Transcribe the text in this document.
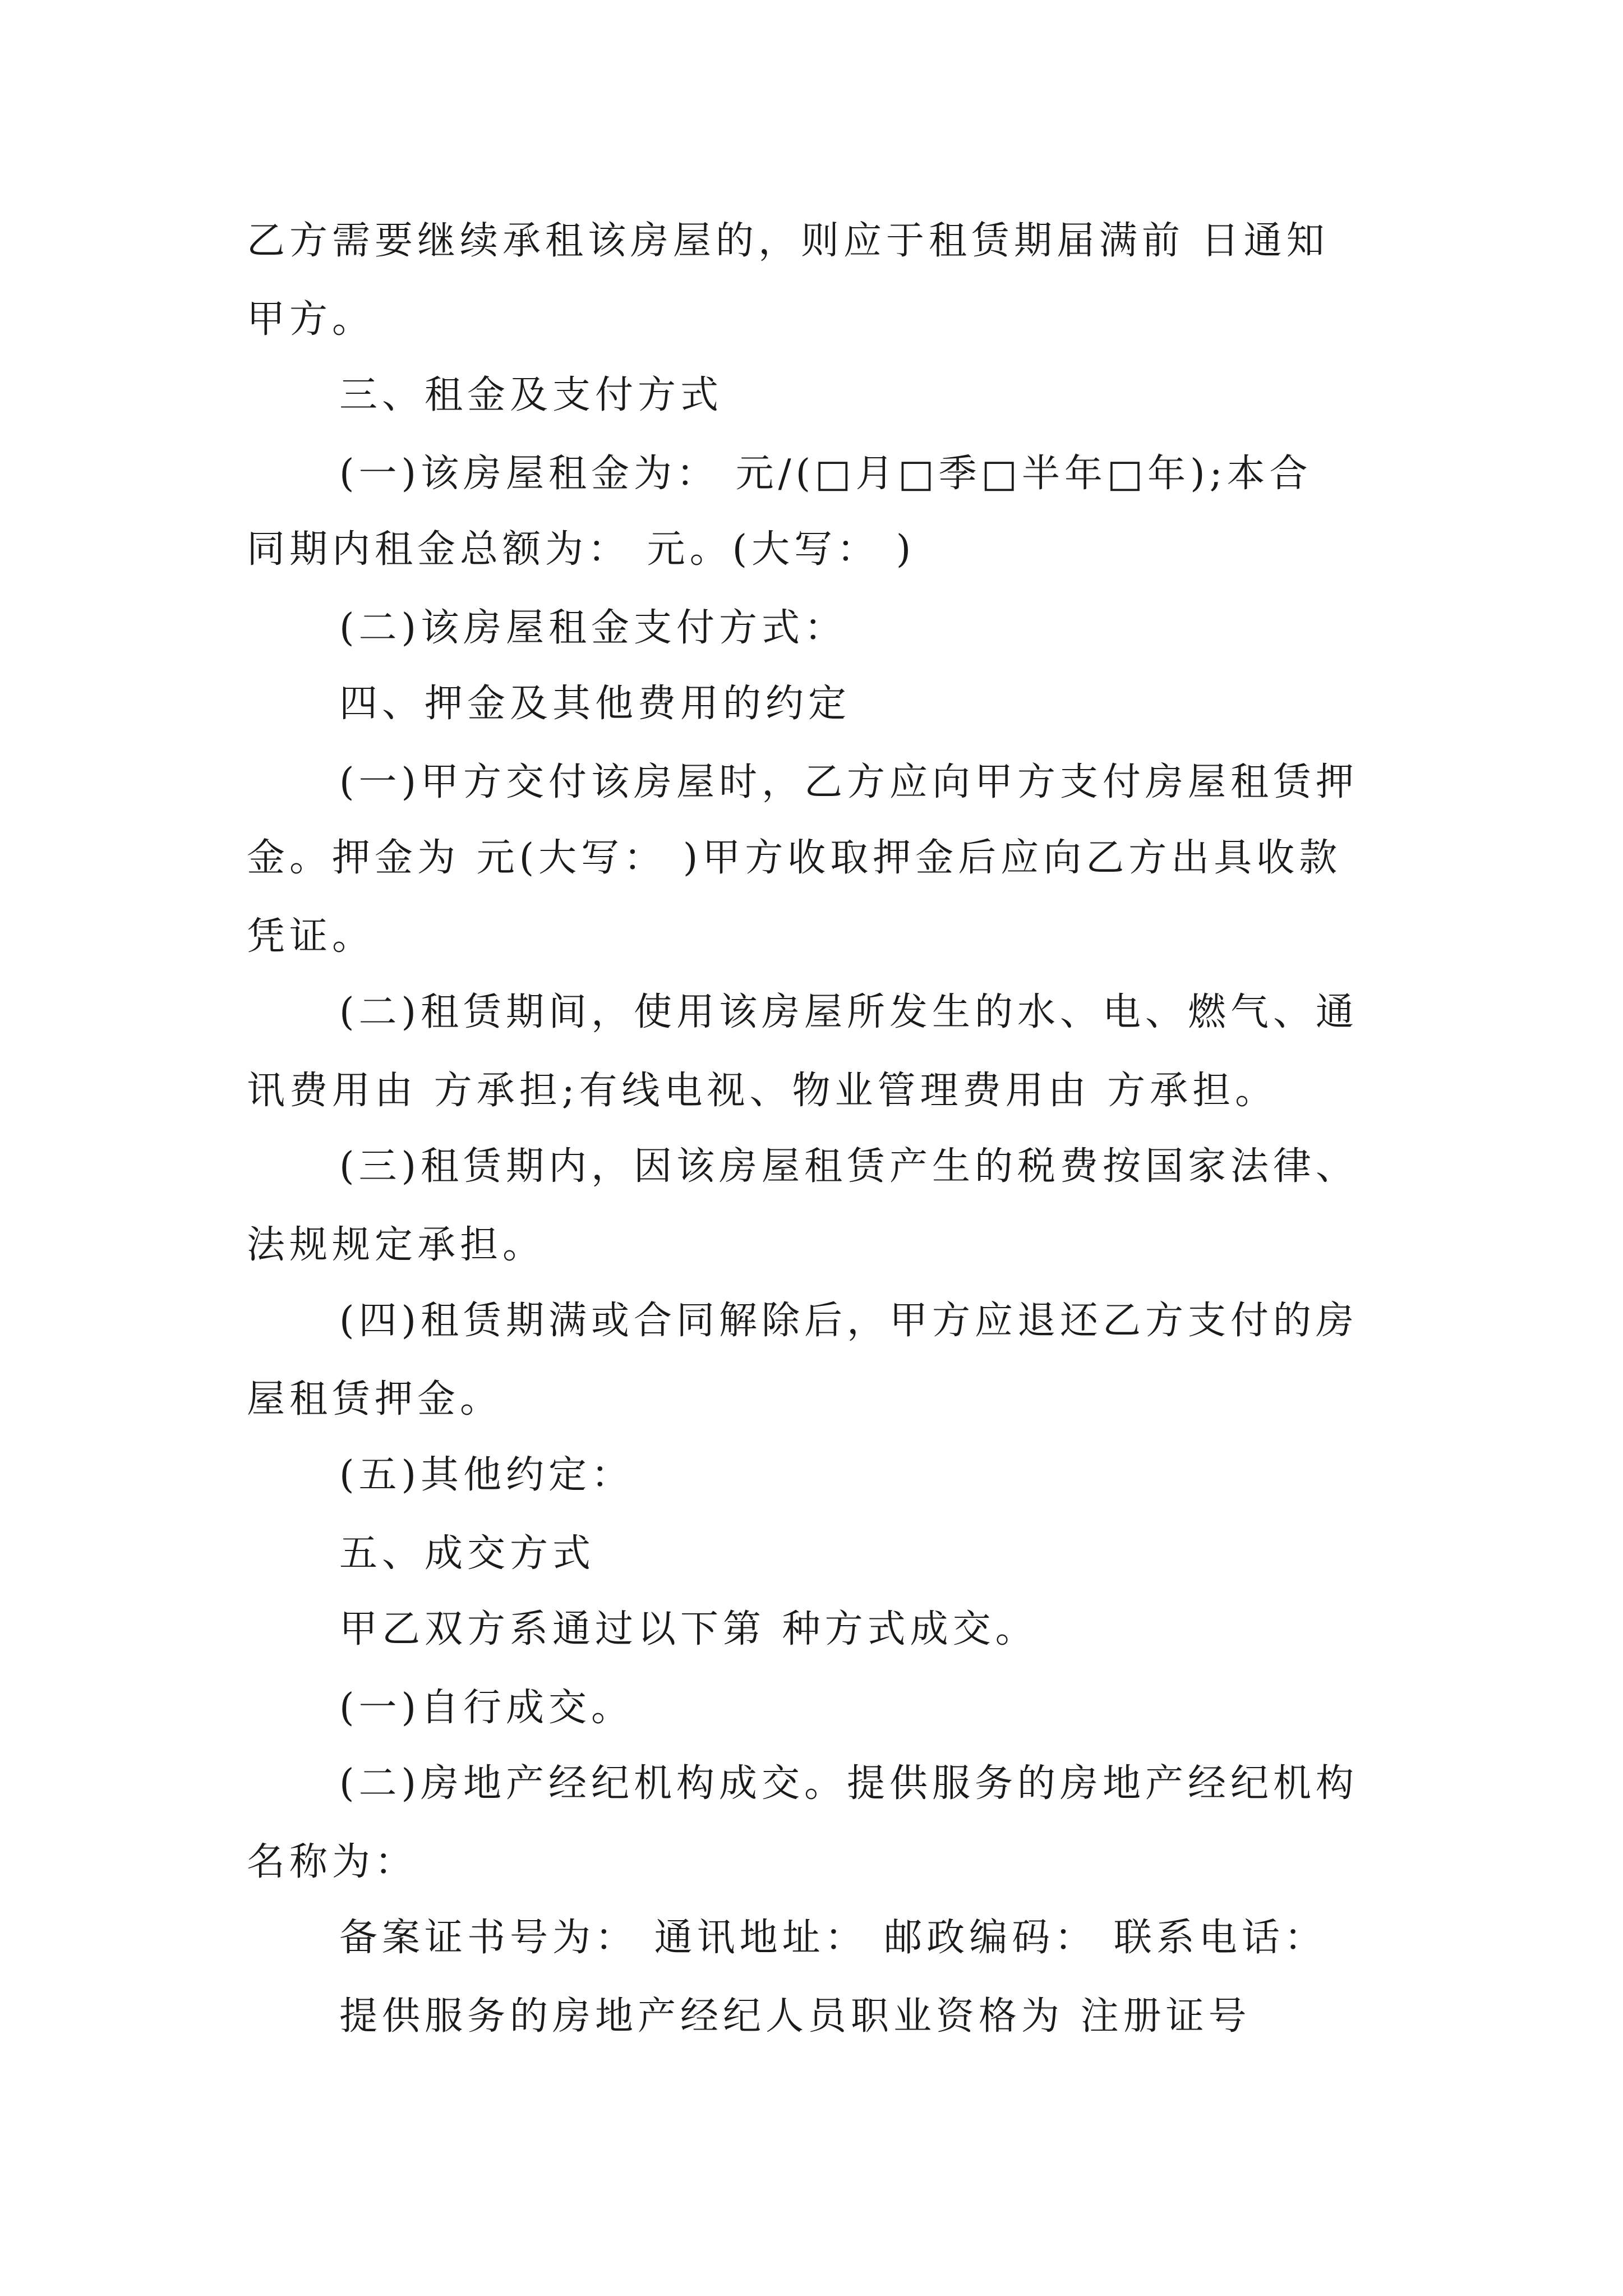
乙方需要继续承租该房屋的，则应于租赁期届满前 日通知
甲方。
三、租金及支付方式
(一)该房屋租金为： 元/(□月□季□半年□年);本合
同期内租金总额为： 元。(大写： )
(二)该房屋租金支付方式：
四、押金及其他费用的约定
(一)甲方交付该房屋时，乙方应向甲方支付房屋租赁押
金。押金为 元(大写： )甲方收取押金后应向乙方出具收款
凭证。
(二)租赁期间，使用该房屋所发生的水、电、燃气、通
讯费用由 方承担;有线电视、物业管理费用由 方承担。
(三)租赁期内，因该房屋租赁产生的税费按国家法律、
法规规定承担。
(四)租赁期满或合同解除后，甲方应退还乙方支付的房
屋租赁押金。
(五)其他约定：
五、成交方式
甲乙双方系通过以下第 种方式成交。
(一)自行成交。
(二)房地产经纪机构成交。提供服务的房地产经纪机构
名称为：
备案证书号为： 通讯地址： 邮政编码： 联系电话：
提供服务的房地产经纪人员职业资格为 注册证号
